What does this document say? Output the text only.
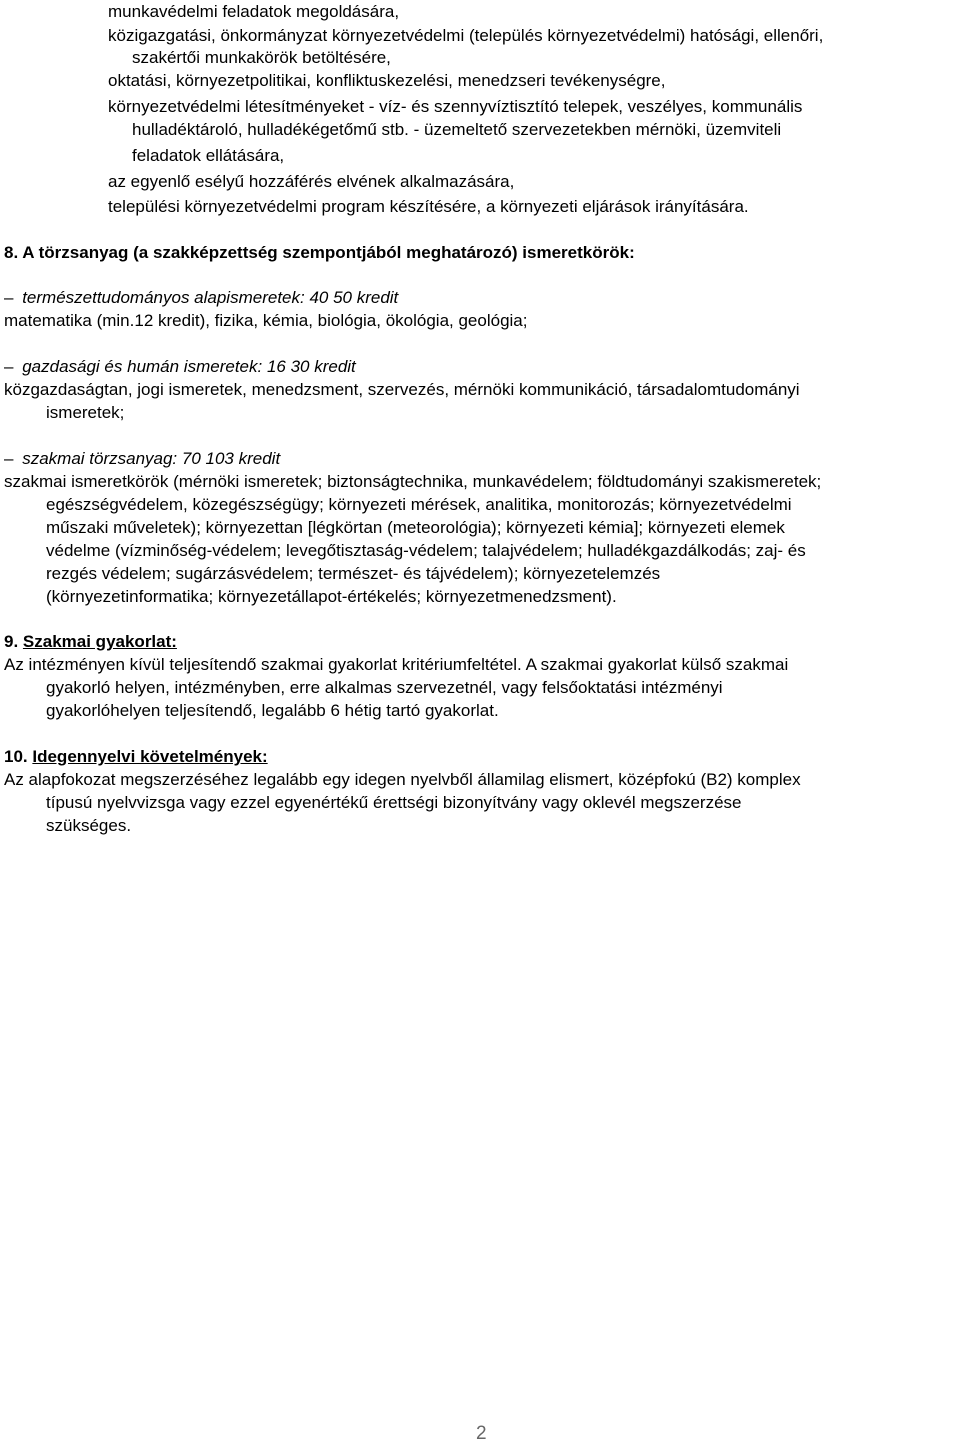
munkavédelmi feladatok megoldására,
közigazgatási, önkormányzat környezetvédelmi (település környezetvédelmi) hatósági, ellenőri,
szakértői munkakörök betöltésére,
oktatási, környezetpolitikai, konfliktuskezelési, menedzseri tevékenységre,
környezetvédelmi létesítményeket - víz- és szennyvíztisztító telepek, veszélyes, kommunális
hulladéktároló, hulladékégetőmű stb. - üzemeltető szervezetekben mérnöki, üzemviteli
feladatok ellátására,
az egyenlő esélyű hozzáférés elvének alkalmazására,
települési környezetvédelmi program készítésére, a környezeti eljárások irányítására.
8. A törzsanyag (a szakképzettség szempontjából meghatározó) ismeretkörök:
– természettudományos alapismeretek: 40 50 kredit
matematika (min.12 kredit), fizika, kémia, biológia, ökológia, geológia;
– gazdasági és humán ismeretek: 16 30 kredit
közgazdaságtan, jogi ismeretek, menedzsment, szervezés, mérnöki kommunikáció, társadalomtudományi
ismeretek;
– szakmai törzsanyag: 70 103 kredit
szakmai ismeretkörök (mérnöki ismeretek; biztonságtechnika, munkavédelem; földtudományi szakismeretek;
egészségvédelem, közegészségügy; környezeti mérések, analitika, monitorozás; környezetvédelmi
műszaki műveletek); környezettan [légkörtan (meteorológia); környezeti kémia]; környezeti elemek
védelme (vízminőség-védelem; levegőtisztaság-védelem; talajvédelem; hulladékgazdálkodás; zaj- és
rezgés védelem; sugárzásvédelem; természet- és tájvédelem); környezetelemzés
(környezetinformatika; környezetállapot-értékelés; környezetmenedzsment).
9. Szakmai gyakorlat:
Az intézményen kívül teljesítendő szakmai gyakorlat kritériumfeltétel. A szakmai gyakorlat külső szakmai
gyakorló helyen, intézményben, erre alkalmas szervezetnél, vagy felsőoktatási intézményi
gyakorlóhelyen teljesítendő, legalább 6 hétig tartó gyakorlat.
10. Idegennyelvi követelmények:
Az alapfokozat megszerzéséhez legalább egy idegen nyelvből államilag elismert, középfokú (B2) komplex
típusú nyelvvizsga vagy ezzel egyenértékű érettségi bizonyítvány vagy oklevél megszerzése
szükséges.
2
